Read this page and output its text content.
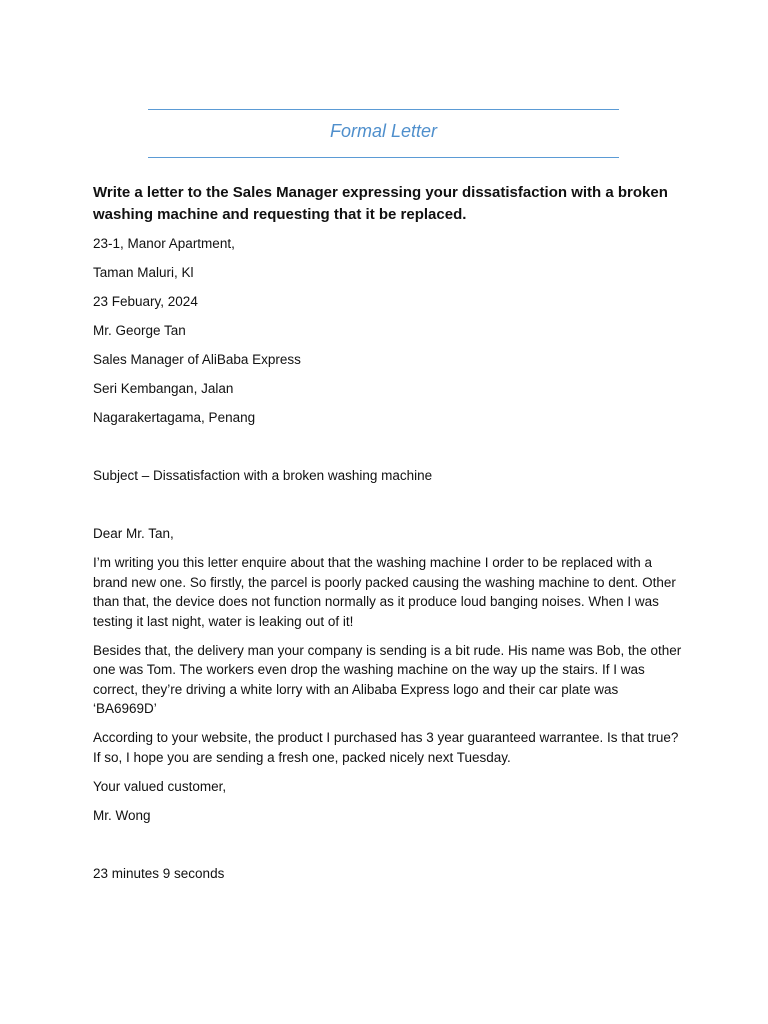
Formal Letter
Write a letter to the Sales Manager expressing your dissatisfaction with a broken washing machine and requesting that it be replaced.
23-1, Manor Apartment,
Taman Maluri, Kl
23 Febuary, 2024
Mr. George Tan
Sales Manager of AliBaba Express
Seri Kembangan, Jalan
Nagarakertagama, Penang
Subject – Dissatisfaction with a broken washing machine
Dear Mr. Tan,
I’m writing you this letter enquire about that the washing machine I order to be replaced with a brand new one. So firstly, the parcel is poorly packed causing the washing machine to dent. Other than that, the device does not function normally as it produce loud banging noises. When I was testing it last night, water is leaking out of it!
Besides that, the delivery man your company is sending is a bit rude. His name was Bob, the other one was Tom. The workers even drop the washing machine on the way up the stairs. If I was correct, they’re driving a white lorry with an Alibaba Express logo and their car plate was ‘BA6969D’
According to your website, the product I purchased has 3 year guaranteed warrantee. Is that true? If so, I hope you are sending a fresh one, packed nicely next Tuesday.
Your valued customer,
Mr. Wong
23 minutes 9 seconds
